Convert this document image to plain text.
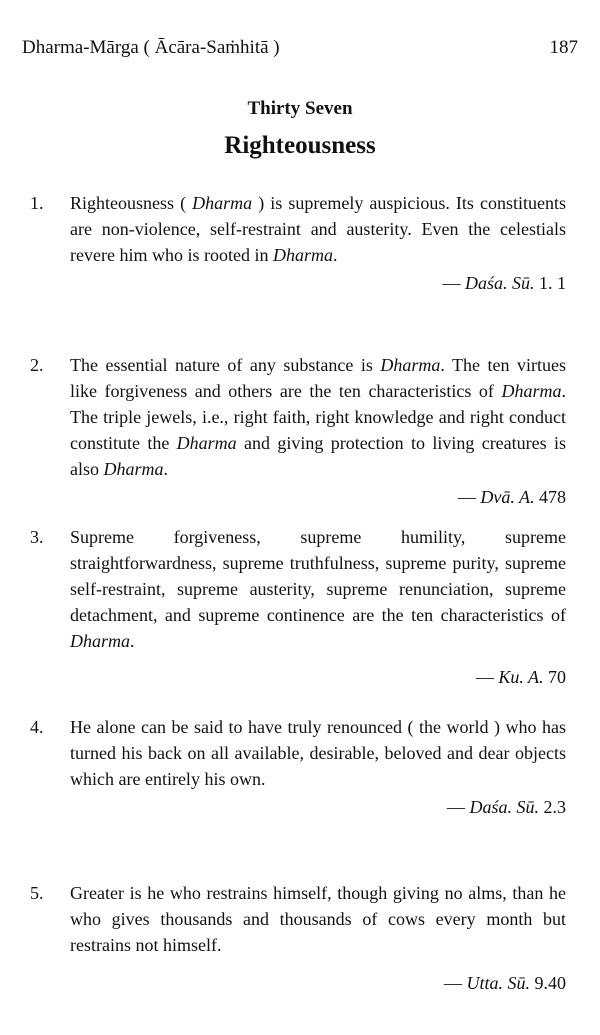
Dharma-Mārga ( Ācāra-Saṁhitā )	187
Thirty Seven
Righteousness
1. Righteousness ( Dharma ) is supremely auspicious. Its constituents are non-violence, self-restraint and austerity. Even the celestials revere him who is rooted in Dharma.
— Daśa. Sū. 1. 1
2. The essential nature of any substance is Dharma. The ten virtues like forgiveness and others are the ten characteristics of Dharma. The triple jewels, i.e., right faith, right knowledge and right conduct constitute the Dharma and giving protection to living creatures is also Dharma.
— Dvā. A. 478
3. Supreme forgiveness, supreme humility, supreme straightforwardness, supreme truthfulness, supreme purity, supreme self-restraint, supreme austerity, supreme renunciation, supreme detachment, and supreme continence are the ten characteristics of Dharma.
— Ku. A. 70
4. He alone can be said to have truly renounced ( the world ) who has turned his back on all available, desirable, beloved and dear objects which are entirely his own.
— Daśa. Sū. 2.3
5. Greater is he who restrains himself, though giving no alms, than he who gives thousands and thousands of cows every month but restrains not himself.
— Utta. Sū. 9.40
